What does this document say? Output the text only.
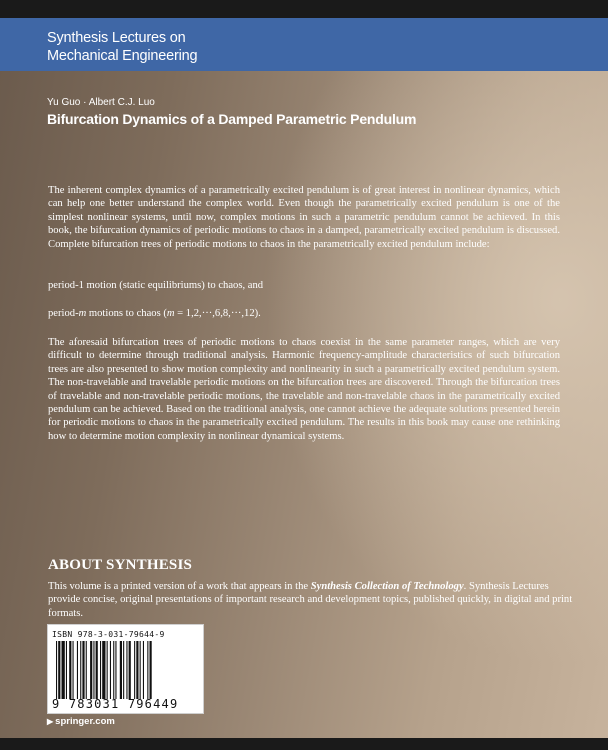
Synthesis Lectures on
Mechanical Engineering
Yu Guo · Albert C.J. Luo
Bifurcation Dynamics of a Damped Parametric Pendulum
The inherent complex dynamics of a parametrically excited pendulum is of great interest in nonlinear dynamics, which can help one better understand the complex world. Even though the parametrically excited pendulum is one of the simplest nonlinear systems, until now, complex motions in such a parametric pendulum cannot be achieved. In this book, the bifurcation dynamics of periodic motions to chaos in a damped, parametrically excited pendulum is discussed. Complete bifurcation trees of periodic motions to chaos in the parametrically excited pendulum include:
period-1 motion (static equilibriums) to chaos, and
period-m motions to chaos (m = 1,2,···,6,8,···,12).
The aforesaid bifurcation trees of periodic motions to chaos coexist in the same parameter ranges, which are very difficult to determine through traditional analysis. Harmonic frequency-amplitude characteristics of such bifurcation trees are also presented to show motion complexity and nonlinearity in such a parametrically excited pendulum system. The non-travelable and travelable periodic motions on the bifurcation trees are discovered. Through the bifurcation trees of travelable and non-travelable periodic motions, the travelable and non-travelable chaos in the parametrically excited pendulum can be achieved. Based on the traditional analysis, one cannot achieve the adequate solutions presented herein for periodic motions to chaos in the parametrically excited pendulum. The results in this book may cause one rethinking how to determine motion complexity in nonlinear dynamical systems.
ABOUT SYNTHESIS
This volume is a printed version of a work that appears in the Synthesis Collection of Technology. Synthesis Lectures provide concise, original presentations of important research and development topics, published quickly, in digital and print formats.
ISBN 978-3-031-79644-9
9 783031 796449
▶ springer.com
